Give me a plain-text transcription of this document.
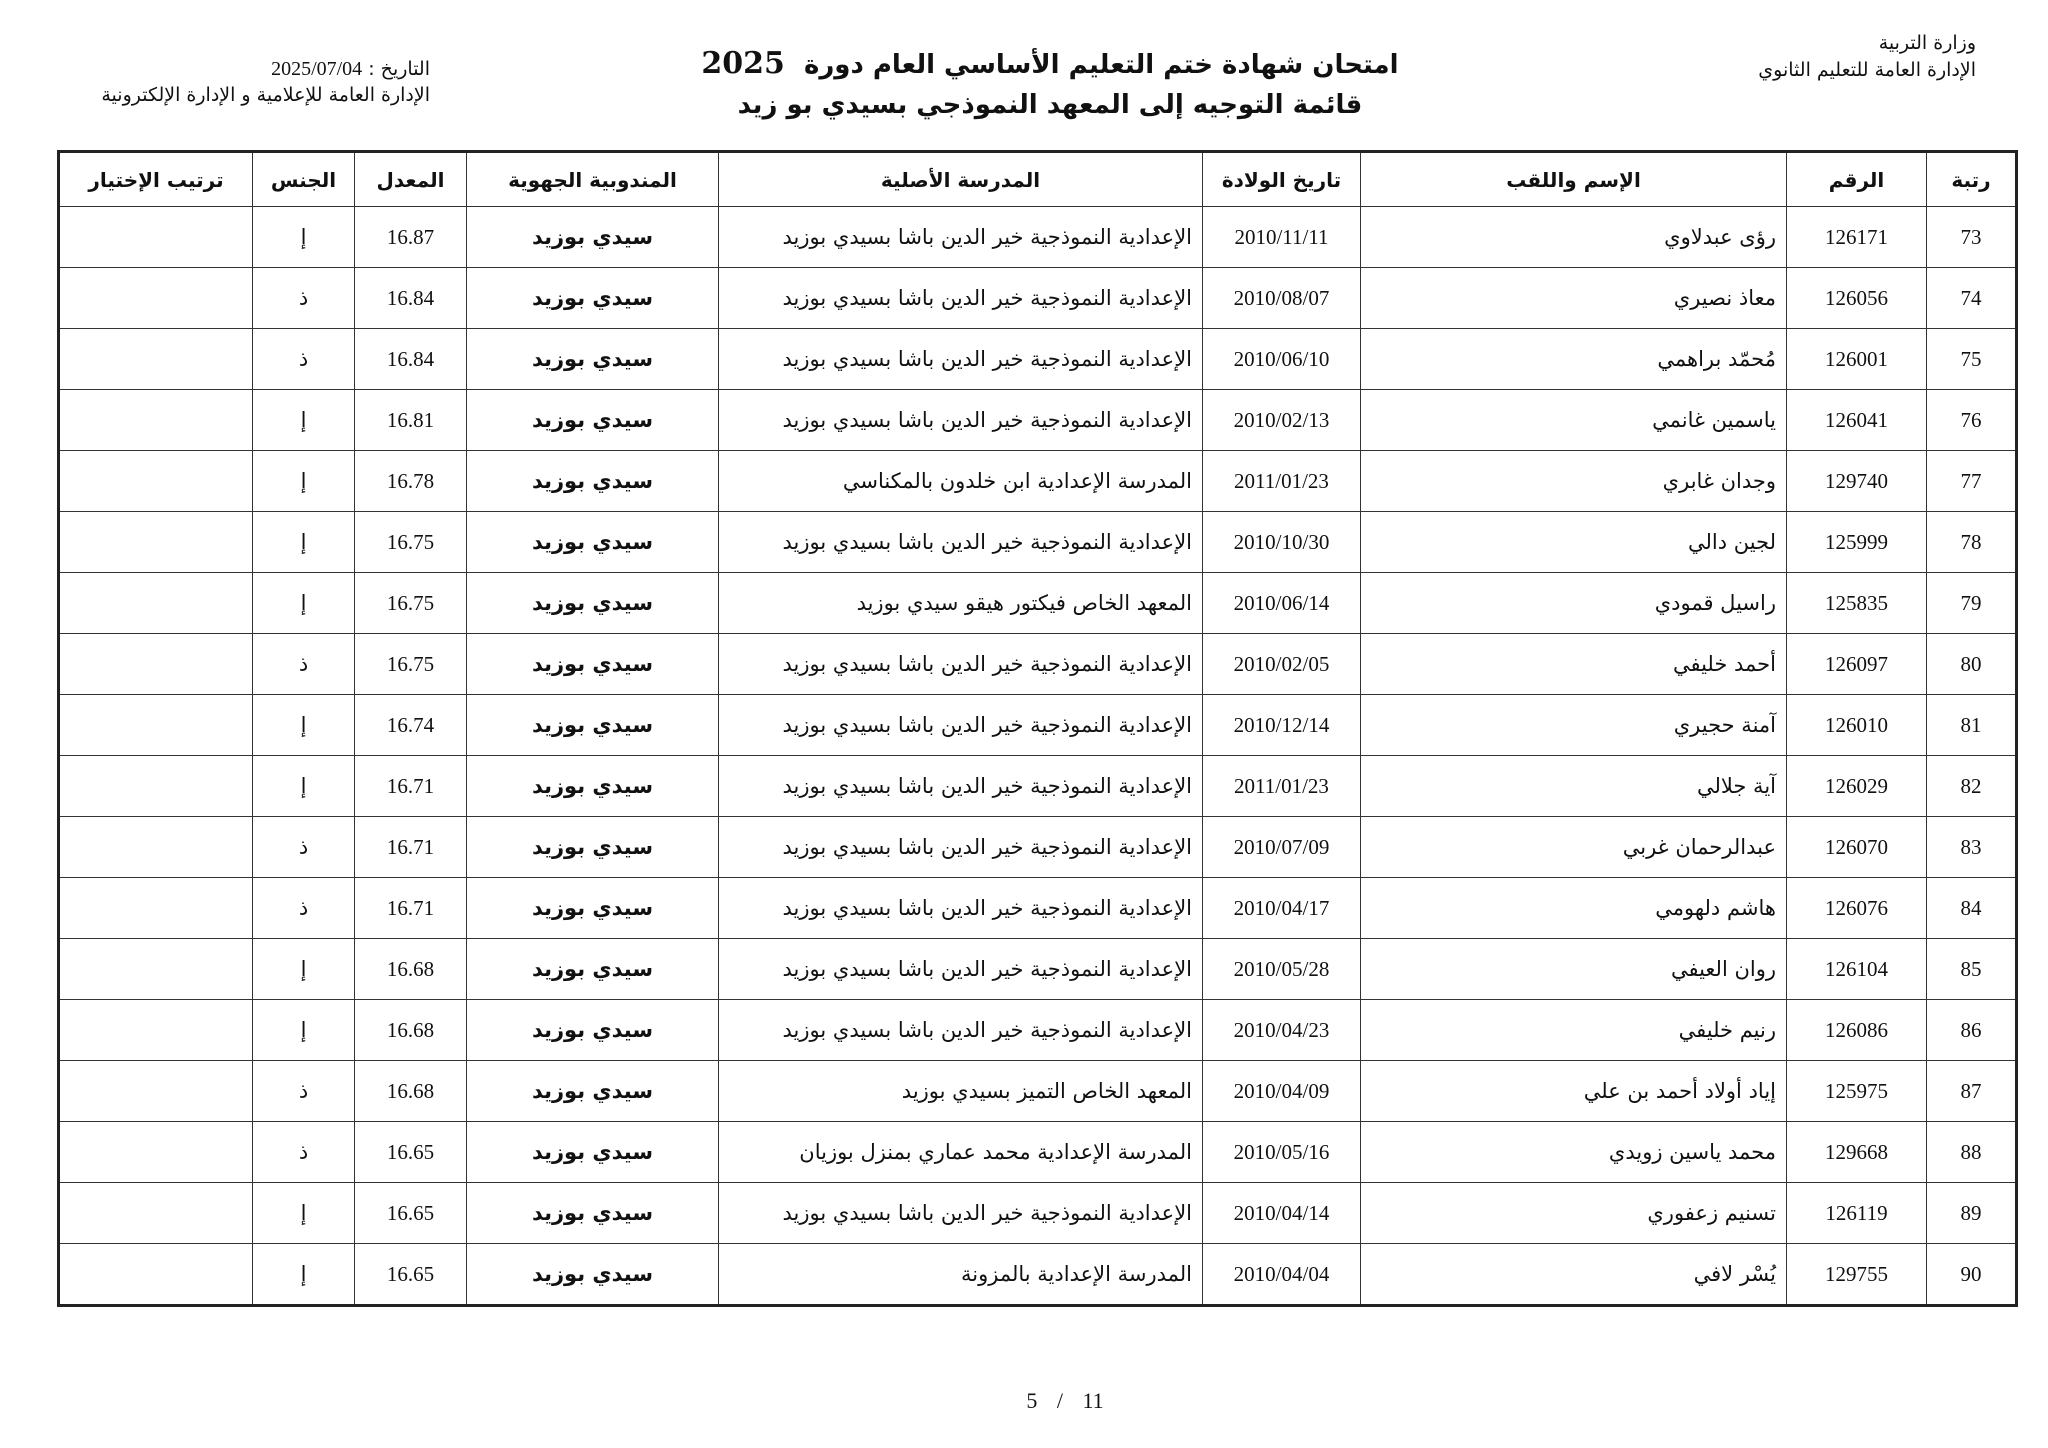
وزارة التربية
الإدارة العامة للتعليم الثانوي
امتحان شهادة ختم التعليم الأساسي العام دورة 2025
قائمة التوجيه إلى المعهد النموذجي بسيدي بو زيد
التاريخ : 2025/07/04
الإدارة العامة للإعلامية و الإدارة الإلكترونية
رتبة	الرقم	الإسم واللقب	تاريخ الولادة	المدرسة الأصلية	المندوبية الجهوية	المعدل	الجنس	ترتيب الإختيار
73	126171	رؤى عبدلاوي	2010/11/11	الإعدادية النموذجية خير الدين باشا بسيدي بوزيد	سيدي بوزيد	16.87	إ	
74	126056	معاذ نصيري	2010/08/07	الإعدادية النموذجية خير الدين باشا بسيدي بوزيد	سيدي بوزيد	16.84	ذ	
75	126001	مُحمّد براهمي	2010/06/10	الإعدادية النموذجية خير الدين باشا بسيدي بوزيد	سيدي بوزيد	16.84	ذ	
76	126041	ياسمين غانمي	2010/02/13	الإعدادية النموذجية خير الدين باشا بسيدي بوزيد	سيدي بوزيد	16.81	إ	
77	129740	وجدان غابري	2011/01/23	المدرسة الإعدادية ابن خلدون بالمكناسي	سيدي بوزيد	16.78	إ	
78	125999	لجين دالي	2010/10/30	الإعدادية النموذجية خير الدين باشا بسيدي بوزيد	سيدي بوزيد	16.75	إ	
79	125835	راسيل قمودي	2010/06/14	المعهد الخاص فيكتور هيقو سيدي بوزيد	سيدي بوزيد	16.75	إ	
80	126097	أحمد خليفي	2010/02/05	الإعدادية النموذجية خير الدين باشا بسيدي بوزيد	سيدي بوزيد	16.75	ذ	
81	126010	آمنة حجيري	2010/12/14	الإعدادية النموذجية خير الدين باشا بسيدي بوزيد	سيدي بوزيد	16.74	إ	
82	126029	آية جلالي	2011/01/23	الإعدادية النموذجية خير الدين باشا بسيدي بوزيد	سيدي بوزيد	16.71	إ	
83	126070	عبدالرحمان غربي	2010/07/09	الإعدادية النموذجية خير الدين باشا بسيدي بوزيد	سيدي بوزيد	16.71	ذ	
84	126076	هاشم دلهومي	2010/04/17	الإعدادية النموذجية خير الدين باشا بسيدي بوزيد	سيدي بوزيد	16.71	ذ	
85	126104	روان العيفي	2010/05/28	الإعدادية النموذجية خير الدين باشا بسيدي بوزيد	سيدي بوزيد	16.68	إ	
86	126086	رنيم خليفي	2010/04/23	الإعدادية النموذجية خير الدين باشا بسيدي بوزيد	سيدي بوزيد	16.68	إ	
87	125975	إياد أولاد أحمد بن علي	2010/04/09	المعهد الخاص التميز بسيدي بوزيد	سيدي بوزيد	16.68	ذ	
88	129668	محمد ياسين زويدي	2010/05/16	المدرسة الإعدادية محمد عماري بمنزل بوزيان	سيدي بوزيد	16.65	ذ	
89	126119	تسنيم زعفوري	2010/04/14	الإعدادية النموذجية خير الدين باشا بسيدي بوزيد	سيدي بوزيد	16.65	إ	
90	129755	يُسْر لافي	2010/04/04	المدرسة الإعدادية بالمزونة	سيدي بوزيد	16.65	إ	
5 / 11
